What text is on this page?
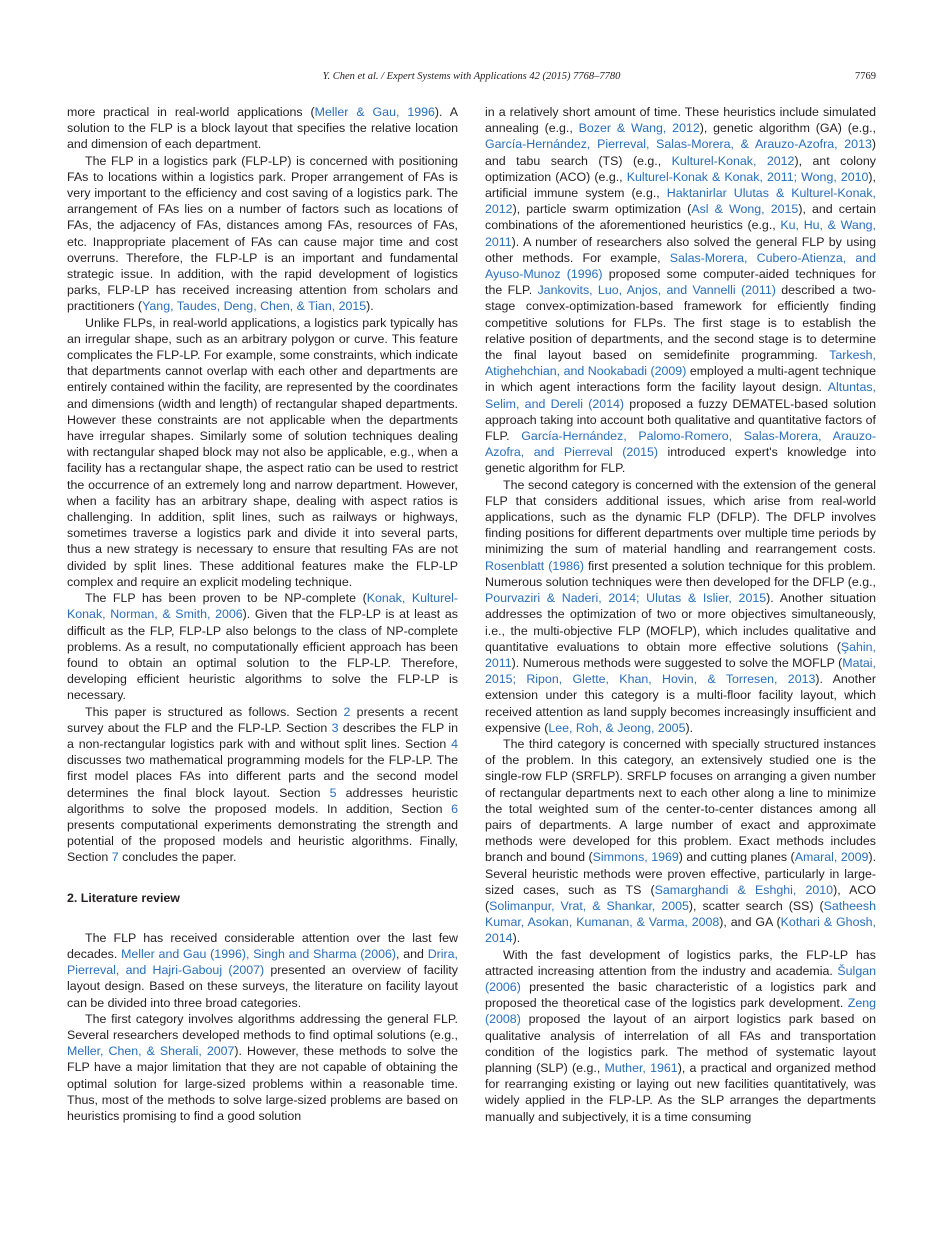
Y. Chen et al. / Expert Systems with Applications 42 (2015) 7768–7780	7769

more practical in real-world applications (Meller & Gau, 1996). A solution to the FLP is a block layout that specifies the relative location and dimension of each department.

The FLP in a logistics park (FLP-LP) is concerned with positioning FAs to locations within a logistics park. Proper arrangement of FAs is very important to the efficiency and cost saving of a logistics park. The arrangement of FAs lies on a number of factors such as locations of FAs, the adjacency of FAs, distances among FAs, resources of FAs, etc. Inappropriate placement of FAs can cause major time and cost overruns. Therefore, the FLP-LP is an important and fundamental strategic issue. In addition, with the rapid development of logistics parks, FLP-LP has received increasing attention from scholars and practitioners (Yang, Taudes, Deng, Chen, & Tian, 2015).

Unlike FLPs, in real-world applications, a logistics park typically has an irregular shape, such as an arbitrary polygon or curve. This feature complicates the FLP-LP. For example, some constraints, which indicate that departments cannot overlap with each other and departments are entirely contained within the facility, are represented by the coordinates and dimensions (width and length) of rectangular shaped departments. However these constraints are not applicable when the departments have irregular shapes. Similarly some of solution techniques dealing with rectangular shaped block may not also be applicable, e.g., when a facility has a rectangular shape, the aspect ratio can be used to restrict the occurrence of an extremely long and narrow department. However, when a facility has an arbitrary shape, dealing with aspect ratios is challenging. In addition, split lines, such as railways or highways, sometimes traverse a logistics park and divide it into several parts, thus a new strategy is necessary to ensure that resulting FAs are not divided by split lines. These additional features make the FLP-LP complex and require an explicit modeling technique.

The FLP has been proven to be NP-complete (Konak, Kulturel-Konak, Norman, & Smith, 2006). Given that the FLP-LP is at least as difficult as the FLP, FLP-LP also belongs to the class of NP-complete problems. As a result, no computationally efficient approach has been found to obtain an optimal solution to the FLP-LP. Therefore, developing efficient heuristic algorithms to solve the FLP-LP is necessary.

This paper is structured as follows. Section 2 presents a recent survey about the FLP and the FLP-LP. Section 3 describes the FLP in a non-rectangular logistics park with and without split lines. Section 4 discusses two mathematical programming models for the FLP-LP. The first model places FAs into different parts and the second model determines the final block layout. Section 5 addresses heuristic algorithms to solve the proposed models. In addition, Section 6 presents computational experiments demonstrating the strength and potential of the proposed models and heuristic algorithms. Finally, Section 7 concludes the paper.

2. Literature review

The FLP has received considerable attention over the last few decades. Meller and Gau (1996), Singh and Sharma (2006), and Drira, Pierreval, and Hajri-Gabouj (2007) presented an overview of facility layout design. Based on these surveys, the literature on facility layout can be divided into three broad categories.

The first category involves algorithms addressing the general FLP. Several researchers developed methods to find optimal solutions (e.g., Meller, Chen, & Sherali, 2007). However, these methods to solve the FLP have a major limitation that they are not capable of obtaining the optimal solution for large-sized problems within a reasonable time. Thus, most of the methods to solve large-sized problems are based on heuristics promising to find a good solution

in a relatively short amount of time. These heuristics include simulated annealing (e.g., Bozer & Wang, 2012), genetic algorithm (GA) (e.g., García-Hernández, Pierreval, Salas-Morera, & Arauzo-Azofra, 2013) and tabu search (TS) (e.g., Kulturel-Konak, 2012), ant colony optimization (ACO) (e.g., Kulturel-Konak & Konak, 2011; Wong, 2010), artificial immune system (e.g., Haktanirlar Ulutas & Kulturel-Konak, 2012), particle swarm optimization (Asl & Wong, 2015), and certain combinations of the aforementioned heuristics (e.g., Ku, Hu, & Wang, 2011). A number of researchers also solved the general FLP by using other methods. For example, Salas-Morera, Cubero-Atienza, and Ayuso-Munoz (1996) proposed some computer-aided techniques for the FLP. Jankovits, Luo, Anjos, and Vannelli (2011) described a two-stage convex-optimization-based framework for efficiently finding competitive solutions for FLPs. The first stage is to establish the relative position of departments, and the second stage is to determine the final layout based on semidefinite programming. Tarkesh, Atighehchian, and Nookabadi (2009) employed a multi-agent technique in which agent interactions form the facility layout design. Altuntas, Selim, and Dereli (2014) proposed a fuzzy DEMATEL-based solution approach taking into account both qualitative and quantitative factors of FLP. García-Hernández, Palomo-Romero, Salas-Morera, Arauzo-Azofra, and Pierreval (2015) introduced expert's knowledge into genetic algorithm for FLP.

The second category is concerned with the extension of the general FLP that considers additional issues, which arise from real-world applications, such as the dynamic FLP (DFLP). The DFLP involves finding positions for different departments over multiple time periods by minimizing the sum of material handling and rearrangement costs. Rosenblatt (1986) first presented a solution technique for this problem. Numerous solution techniques were then developed for the DFLP (e.g., Pourvaziri & Naderi, 2014; Ulutas & Islier, 2015). Another situation addresses the optimization of two or more objectives simultaneously, i.e., the multi-objective FLP (MOFLP), which includes qualitative and quantitative evaluations to obtain more effective solutions (Şahin, 2011). Numerous methods were suggested to solve the MOFLP (Matai, 2015; Ripon, Glette, Khan, Hovin, & Torresen, 2013). Another extension under this category is a multi-floor facility layout, which received attention as land supply becomes increasingly insufficient and expensive (Lee, Roh, & Jeong, 2005).

The third category is concerned with specially structured instances of the problem. In this category, an extensively studied one is the single-row FLP (SRFLP). SRFLP focuses on arranging a given number of rectangular departments next to each other along a line to minimize the total weighted sum of the center-to-center distances among all pairs of departments. A large number of exact and approximate methods were developed for this problem. Exact methods includes branch and bound (Simmons, 1969) and cutting planes (Amaral, 2009). Several heuristic methods were proven effective, particularly in large-sized cases, such as TS (Samarghandi & Eshghi, 2010), ACO (Solimanpur, Vrat, & Shankar, 2005), scatter search (SS) (Satheesh Kumar, Asokan, Kumanan, & Varma, 2008), and GA (Kothari & Ghosh, 2014).

With the fast development of logistics parks, the FLP-LP has attracted increasing attention from the industry and academia. Šulgan (2006) presented the basic characteristic of a logistics park and proposed the theoretical case of the logistics park development. Zeng (2008) proposed the layout of an airport logistics park based on qualitative analysis of interrelation of all FAs and transportation condition of the logistics park. The method of systematic layout planning (SLP) (e.g., Muther, 1961), a practical and organized method for rearranging existing or laying out new facilities quantitatively, was widely applied in the FLP-LP. As the SLP arranges the departments manually and subjectively, it is a time consuming
